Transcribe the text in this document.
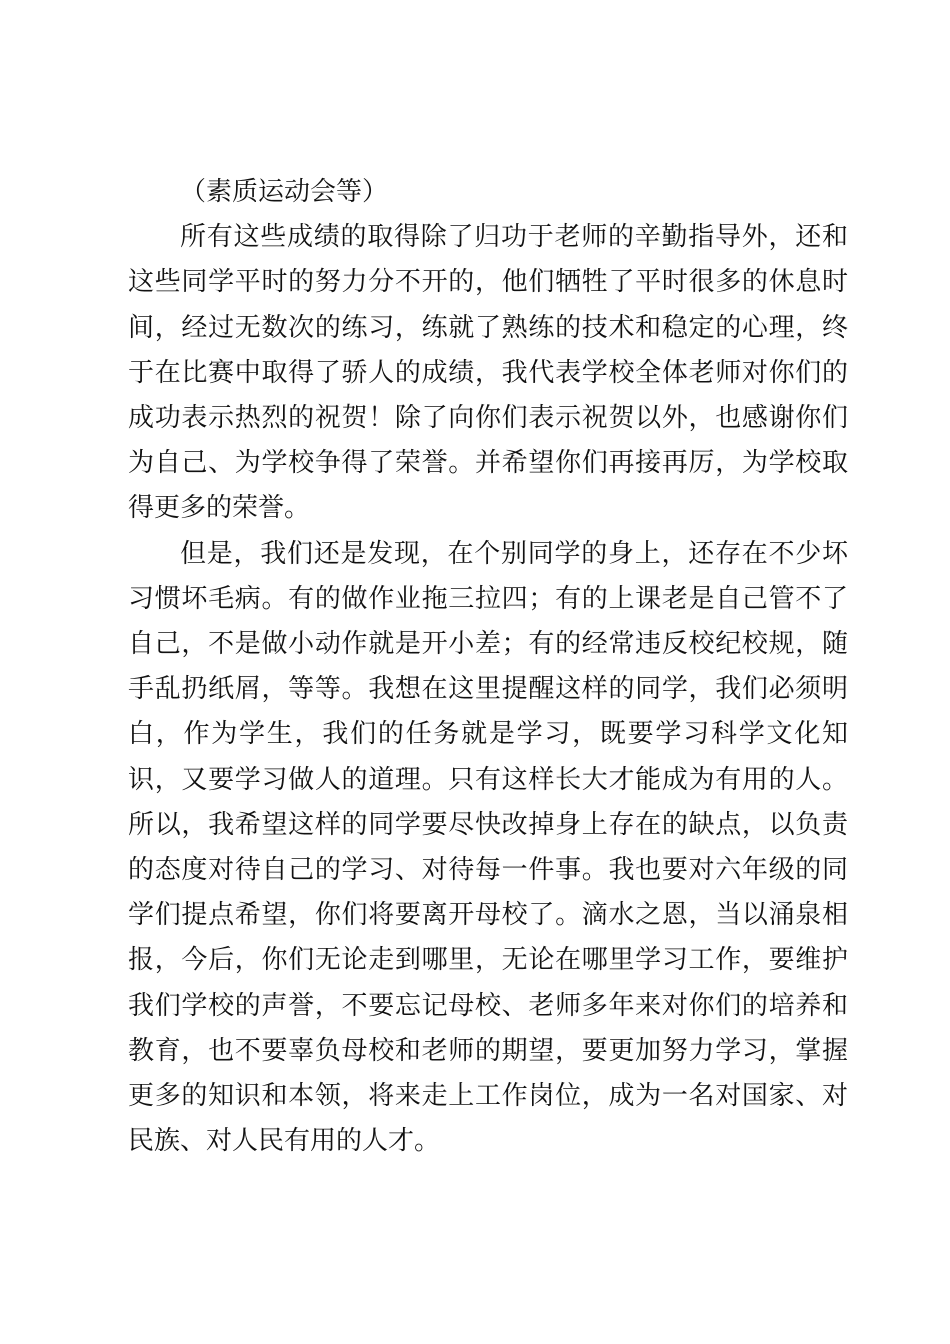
（素质运动会等）

所有这些成绩的取得除了归功于老师的辛勤指导外，还和这些同学平时的努力分不开的，他们牺牲了平时很多的休息时间，经过无数次的练习，练就了熟练的技术和稳定的心理，终于在比赛中取得了骄人的成绩，我代表学校全体老师对你们的成功表示热烈的祝贺！除了向你们表示祝贺以外，也感谢你们为自己、为学校争得了荣誉。并希望你们再接再厉，为学校取得更多的荣誉。

但是，我们还是发现，在个别同学的身上，还存在不少坏习惯坏毛病。有的做作业拖三拉四；有的上课老是自己管不了自己，不是做小动作就是开小差；有的经常违反校纪校规，随手乱扔纸屑，等等。我想在这里提醒这样的同学，我们必须明白，作为学生，我们的任务就是学习，既要学习科学文化知识，又要学习做人的道理。只有这样长大才能成为有用的人。所以，我希望这样的同学要尽快改掉身上存在的缺点，以负责的态度对待自己的学习、对待每一件事。我也要对六年级的同学们提点希望，你们将要离开母校了。滴水之恩，当以涌泉相报，今后，你们无论走到哪里，无论在哪里学习工作，要维护我们学校的声誉，不要忘记母校、老师多年来对你们的培养和教育，也不要辜负母校和老师的期望，要更加努力学习，掌握更多的知识和本领，将来走上工作岗位，成为一名对国家、对民族、对人民有用的人才。
